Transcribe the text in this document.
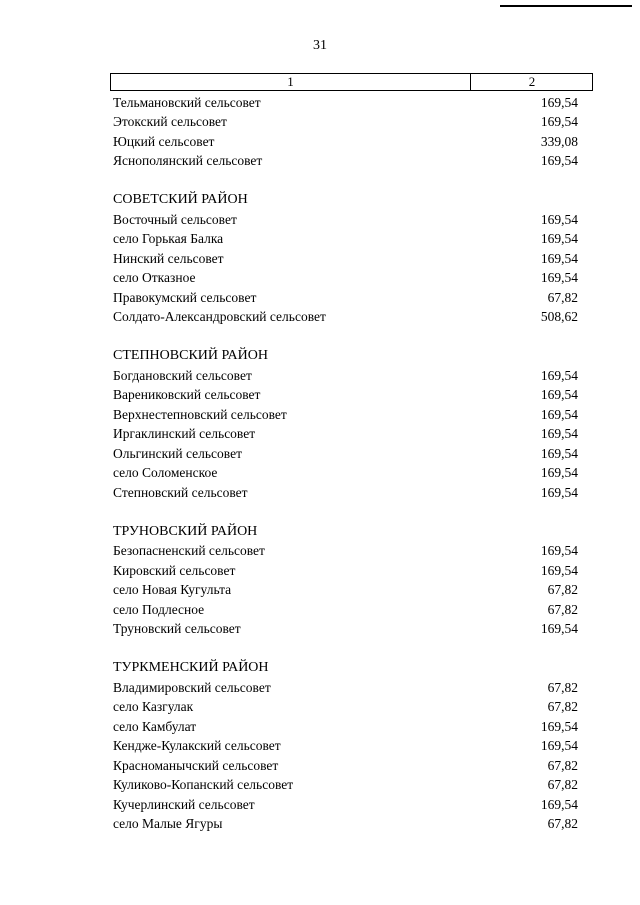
31
1	2
Тельмановский сельсовет	169,54
Этокский сельсовет	169,54
Юцкий сельсовет	339,08
Яснополянский сельсовет	169,54
СОВЕТСКИЙ РАЙОН
Восточный сельсовет	169,54
село Горькая Балка	169,54
Нинский сельсовет	169,54
село Отказное	169,54
Правокумский сельсовет	67,82
Солдато-Александровский сельсовет	508,62
СТЕПНОВСКИЙ РАЙОН
Богдановский сельсовет	169,54
Варениковский сельсовет	169,54
Верхнестепновский сельсовет	169,54
Иргаклинский сельсовет	169,54
Ольгинский сельсовет	169,54
село Соломенское	169,54
Степновский сельсовет	169,54
ТРУНОВСКИЙ РАЙОН
Безопасненский сельсовет	169,54
Кировский сельсовет	169,54
село Новая Кугульта	67,82
село Подлесное	67,82
Труновский сельсовет	169,54
ТУРКМЕНСКИЙ РАЙОН
Владимировский сельсовет	67,82
село Казгулак	67,82
село Камбулат	169,54
Кендже-Кулакский сельсовет	169,54
Красноманычский сельсовет	67,82
Куликово-Копанский сельсовет	67,82
Кучерлинский сельсовет	169,54
село Малые Ягуры	67,82
